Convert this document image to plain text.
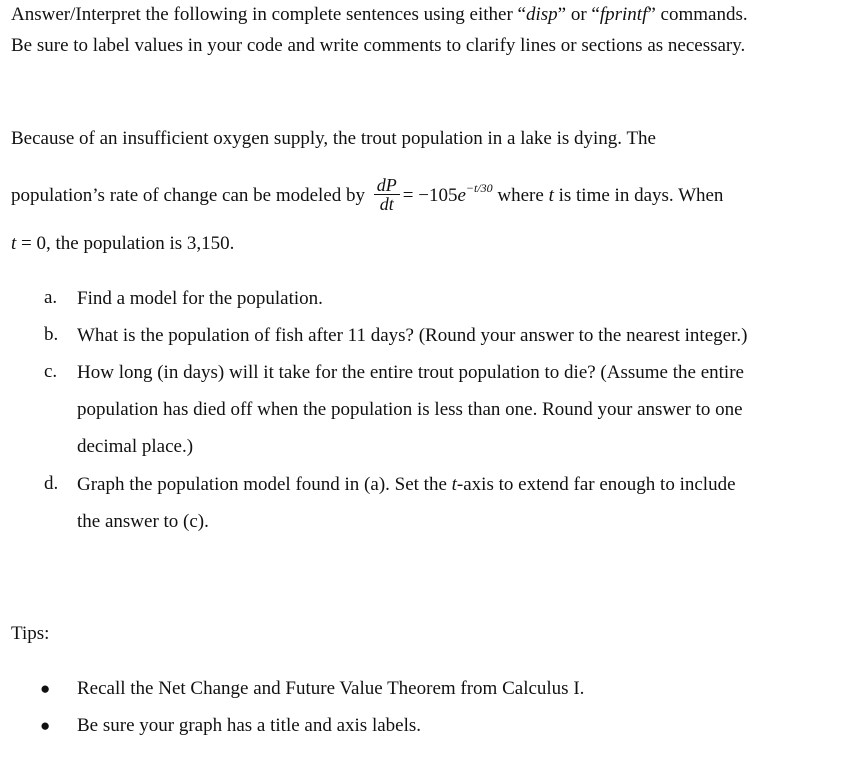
Answer/Interpret the following in complete sentences using either “disp” or “fprintf” commands.
Be sure to label values in your code and write comments to clarify lines or sections as necessary.
Because of an insufficient oxygen supply, the trout population in a lake is dying. The
population’s rate of change can be modeled by $\frac{dP}{dt} = -105e^{-t/30}$ where t is time in days. When
t = 0, the population is 3,150.
a.	Find a model for the population.
b. What is the population of fish after 11 days? (Round your answer to the nearest integer.)
c.	How long (in days) will it take for the entire trout population to die? (Assume the entire
population has died off when the population is less than one. Round your answer to one
decimal place.)
d. Graph the population model found in (a). Set the t-axis to extend far enough to include
the answer to (c).
Tips:
●	Recall the Net Change and Future Value Theorem from Calculus I.
●	Be sure your graph has a title and axis labels.
